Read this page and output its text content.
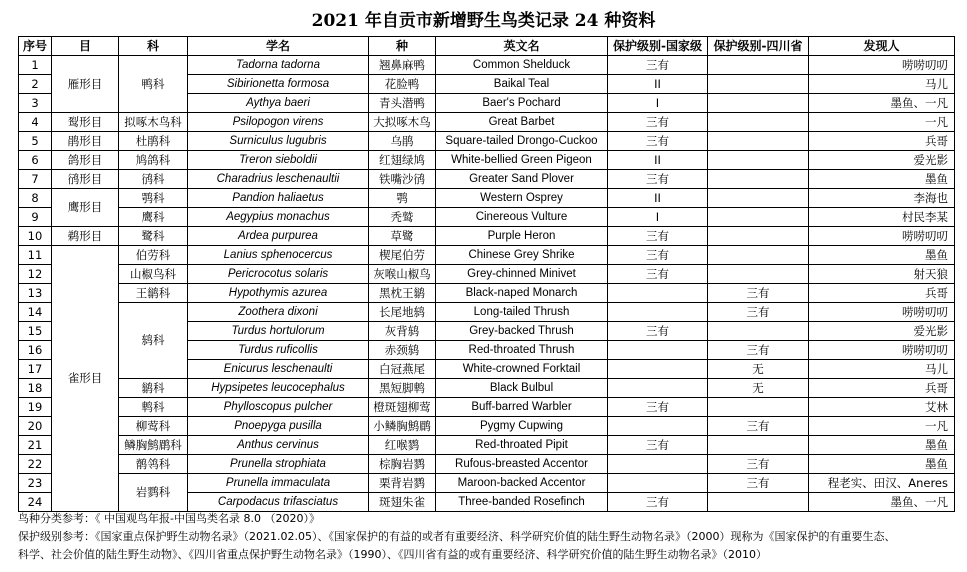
2021 年自贡市新增野生鸟类记录 24 种资料
序号	目	科	学名	种	英文名	保护级别-国家级	保护级别-四川省	发现人
1	雁形目	鸭科	Tadorna tadorna	翘鼻麻鸭	Common Shelduck	三有		唠唠叨叨
2			Sibirionetta formosa	花脸鸭	Baikal Teal	II		马儿
3			Aythya baeri	青头潜鸭	Baer's Pochard	I		墨鱼、一凡
4	䴕形目	拟啄木鸟科	Psilopogon virens	大拟啄木鸟	Great Barbet	三有		一凡
5	鹃形目	杜鹃科	Surniculus lugubris	乌鹃	Square-tailed Drongo-Cuckoo	三有		兵哥
6	鸽形目	鸠鸽科	Treron sieboldii	红翅绿鸠	White-bellied Green Pigeon	II		爱光影
7	鸻形目	鸻科	Charadrius leschenaultii	铁嘴沙鸻	Greater Sand Plover	三有		墨鱼
8	鹰形目	鹗科	Pandion haliaetus	鹗	Western Osprey	II		李海也
9		鹰科	Aegypius monachus	秃鹫	Cinereous Vulture	I		村民李某
10	鹈形目	鹭科	Ardea purpurea	草鹭	Purple Heron	三有		唠唠叨叨
11	雀形目	伯劳科	Lanius sphenocercus	楔尾伯劳	Chinese Grey Shrike	三有		墨鱼
12		山椒鸟科	Pericrocotus solaris	灰喉山椒鸟	Grey-chinned Minivet	三有		射天狼
13		王鹟科	Hypothymis azurea	黑枕王鹟	Black-naped Monarch		三有	兵哥
14		鸫科	Zoothera dixoni	长尾地鸫	Long-tailed Thrush		三有	唠唠叨叨
15			Turdus hortulorum	灰背鸫	Grey-backed Thrush	三有		爱光影
16			Turdus ruficollis	赤颈鸫	Red-throated Thrush		三有	唠唠叨叨
17			Enicurus leschenaulti	白冠燕尾	White-crowned Forktail		无	马儿
18		鹟科	Hypsipetes leucocephalus	黑短脚鹎	Black Bulbul		无	兵哥
19		鹎科	Phylloscopus pulcher	橙斑翅柳莺	Buff-barred Warbler	三有		艾林
20		柳莺科	Pnoepyga pusilla	小鳞胸鹪鹛	Pygmy Cupwing		三有	一凡
21		鳞胸鹪鹛科	Anthus cervinus	红喉鹨	Red-throated Pipit	三有		墨鱼
22		鹡鸰科	Prunella strophiata	棕胸岩鹨	Rufous-breasted Accentor		三有	墨鱼
23		岩鹨科	Prunella immaculata	栗背岩鹨	Maroon-backed Accentor		三有	程老实、田汉、Aneres
24			Carpodacus trifasciatus	斑翅朱雀	Three-banded Rosefinch	三有		墨鱼、一凡
鸟种分类参考：《 中国观鸟年报-中国鸟类名录 8.0 （2020）》
保护级别参考：《国家重点保护野生动物名录》（2021.02.05）、《国家保护的有益的或者有重要经济、科学研究价值的陆生野生动物名录》（2000）现称为《国家保护的有重要生态、
科学、社会价值的陆生野生动物》、《四川省重点保护野生动物名录》（1990）、《四川省有益的或有重要经济、科学研究价值的陆生野生动物名录》（2010）
